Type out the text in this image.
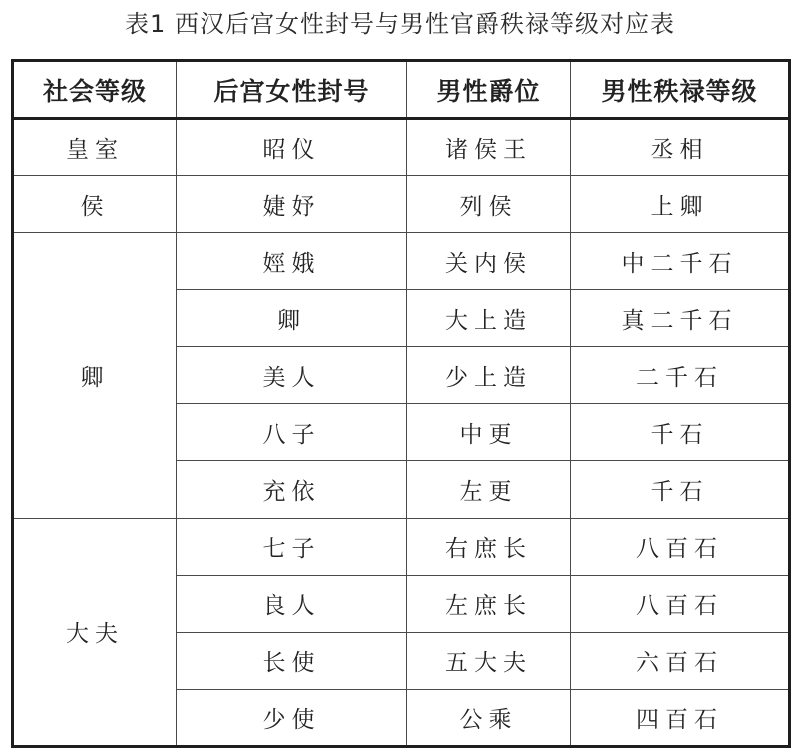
表1 西汉后宫女性封号与男性官爵秩禄等级对应表
社会等级	后宫女性封号	男性爵位	男性秩禄等级
皇室	昭仪	诸侯王	丞相
侯	婕妤	列侯	上卿
卿	娙娥	关内侯	中二千石
	卿	大上造	真二千石
	美人	少上造	二千石
	八子	中更	千石
	充依	左更	千石
大夫	七子	右庶长	八百石
	良人	左庶长	八百石
	长使	五大夫	六百石
	少使	公乘	四百石
